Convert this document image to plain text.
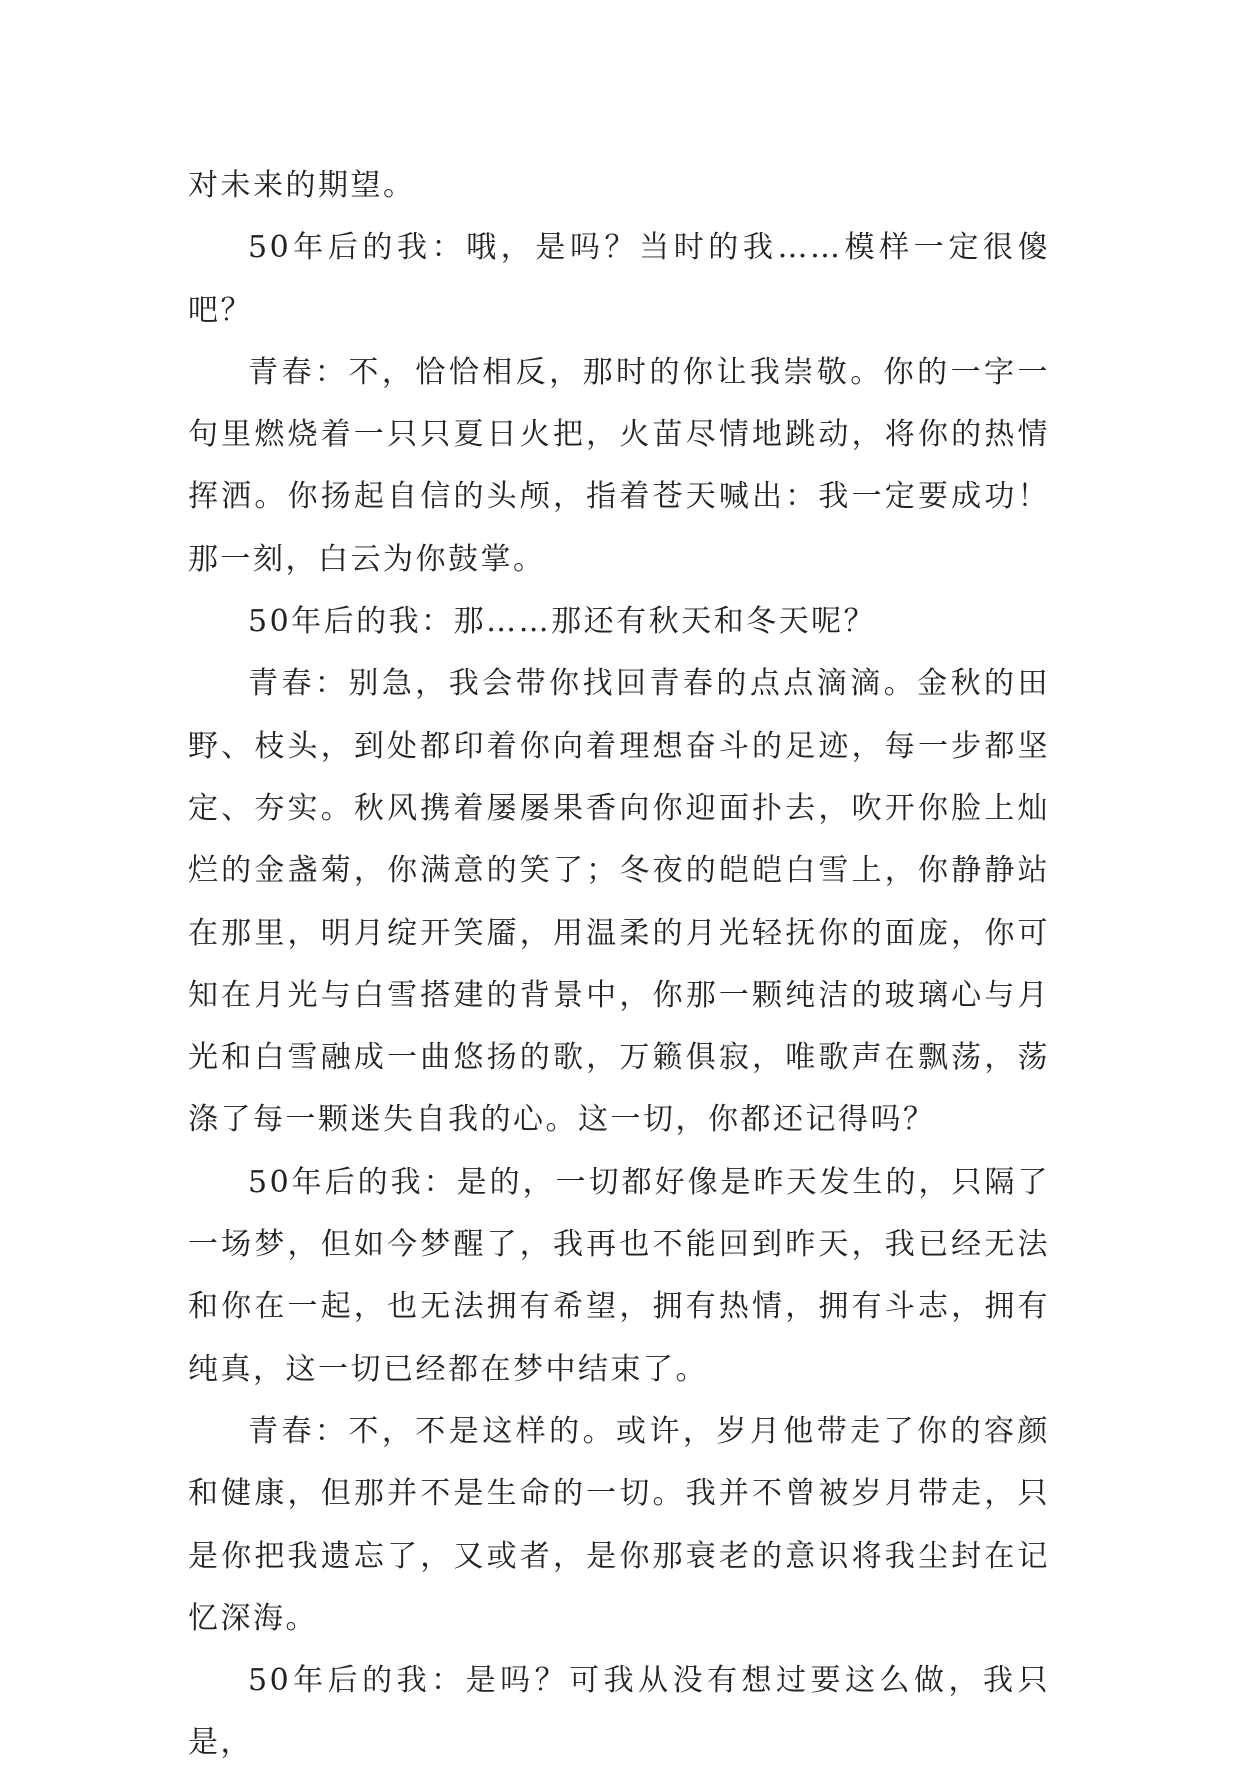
对未来的期望。

50年后的我：哦，是吗？当时的我……模样一定很傻吧？

青春：不，恰恰相反，那时的你让我崇敬。你的一字一句里燃烧着一只只夏日火把，火苗尽情地跳动，将你的热情挥洒。你扬起自信的头颅，指着苍天喊出：我一定要成功！那一刻，白云为你鼓掌。

50年后的我：那……那还有秋天和冬天呢？

青春：别急，我会带你找回青春的点点滴滴。金秋的田野、枝头，到处都印着你向着理想奋斗的足迹，每一步都坚定、夯实。秋风携着屡屡果香向你迎面扑去，吹开你脸上灿烂的金盏菊，你满意的笑了；冬夜的皑皑白雪上，你静静站在那里，明月绽开笑靥，用温柔的月光轻抚你的面庞，你可知在月光与白雪搭建的背景中，你那一颗纯洁的玻璃心与月光和白雪融成一曲悠扬的歌，万籁俱寂，唯歌声在飘荡，荡涤了每一颗迷失自我的心。这一切，你都还记得吗？

50年后的我：是的，一切都好像是昨天发生的，只隔了一场梦，但如今梦醒了，我再也不能回到昨天，我已经无法和你在一起，也无法拥有希望，拥有热情，拥有斗志，拥有纯真，这一切已经都在梦中结束了。

青春：不，不是这样的。或许，岁月他带走了你的容颜和健康，但那并不是生命的一切。我并不曾被岁月带走，只是你把我遗忘了，又或者，是你那衰老的意识将我尘封在记忆深海。

50年后的我：是吗？可我从没有想过要这么做，我只是，
